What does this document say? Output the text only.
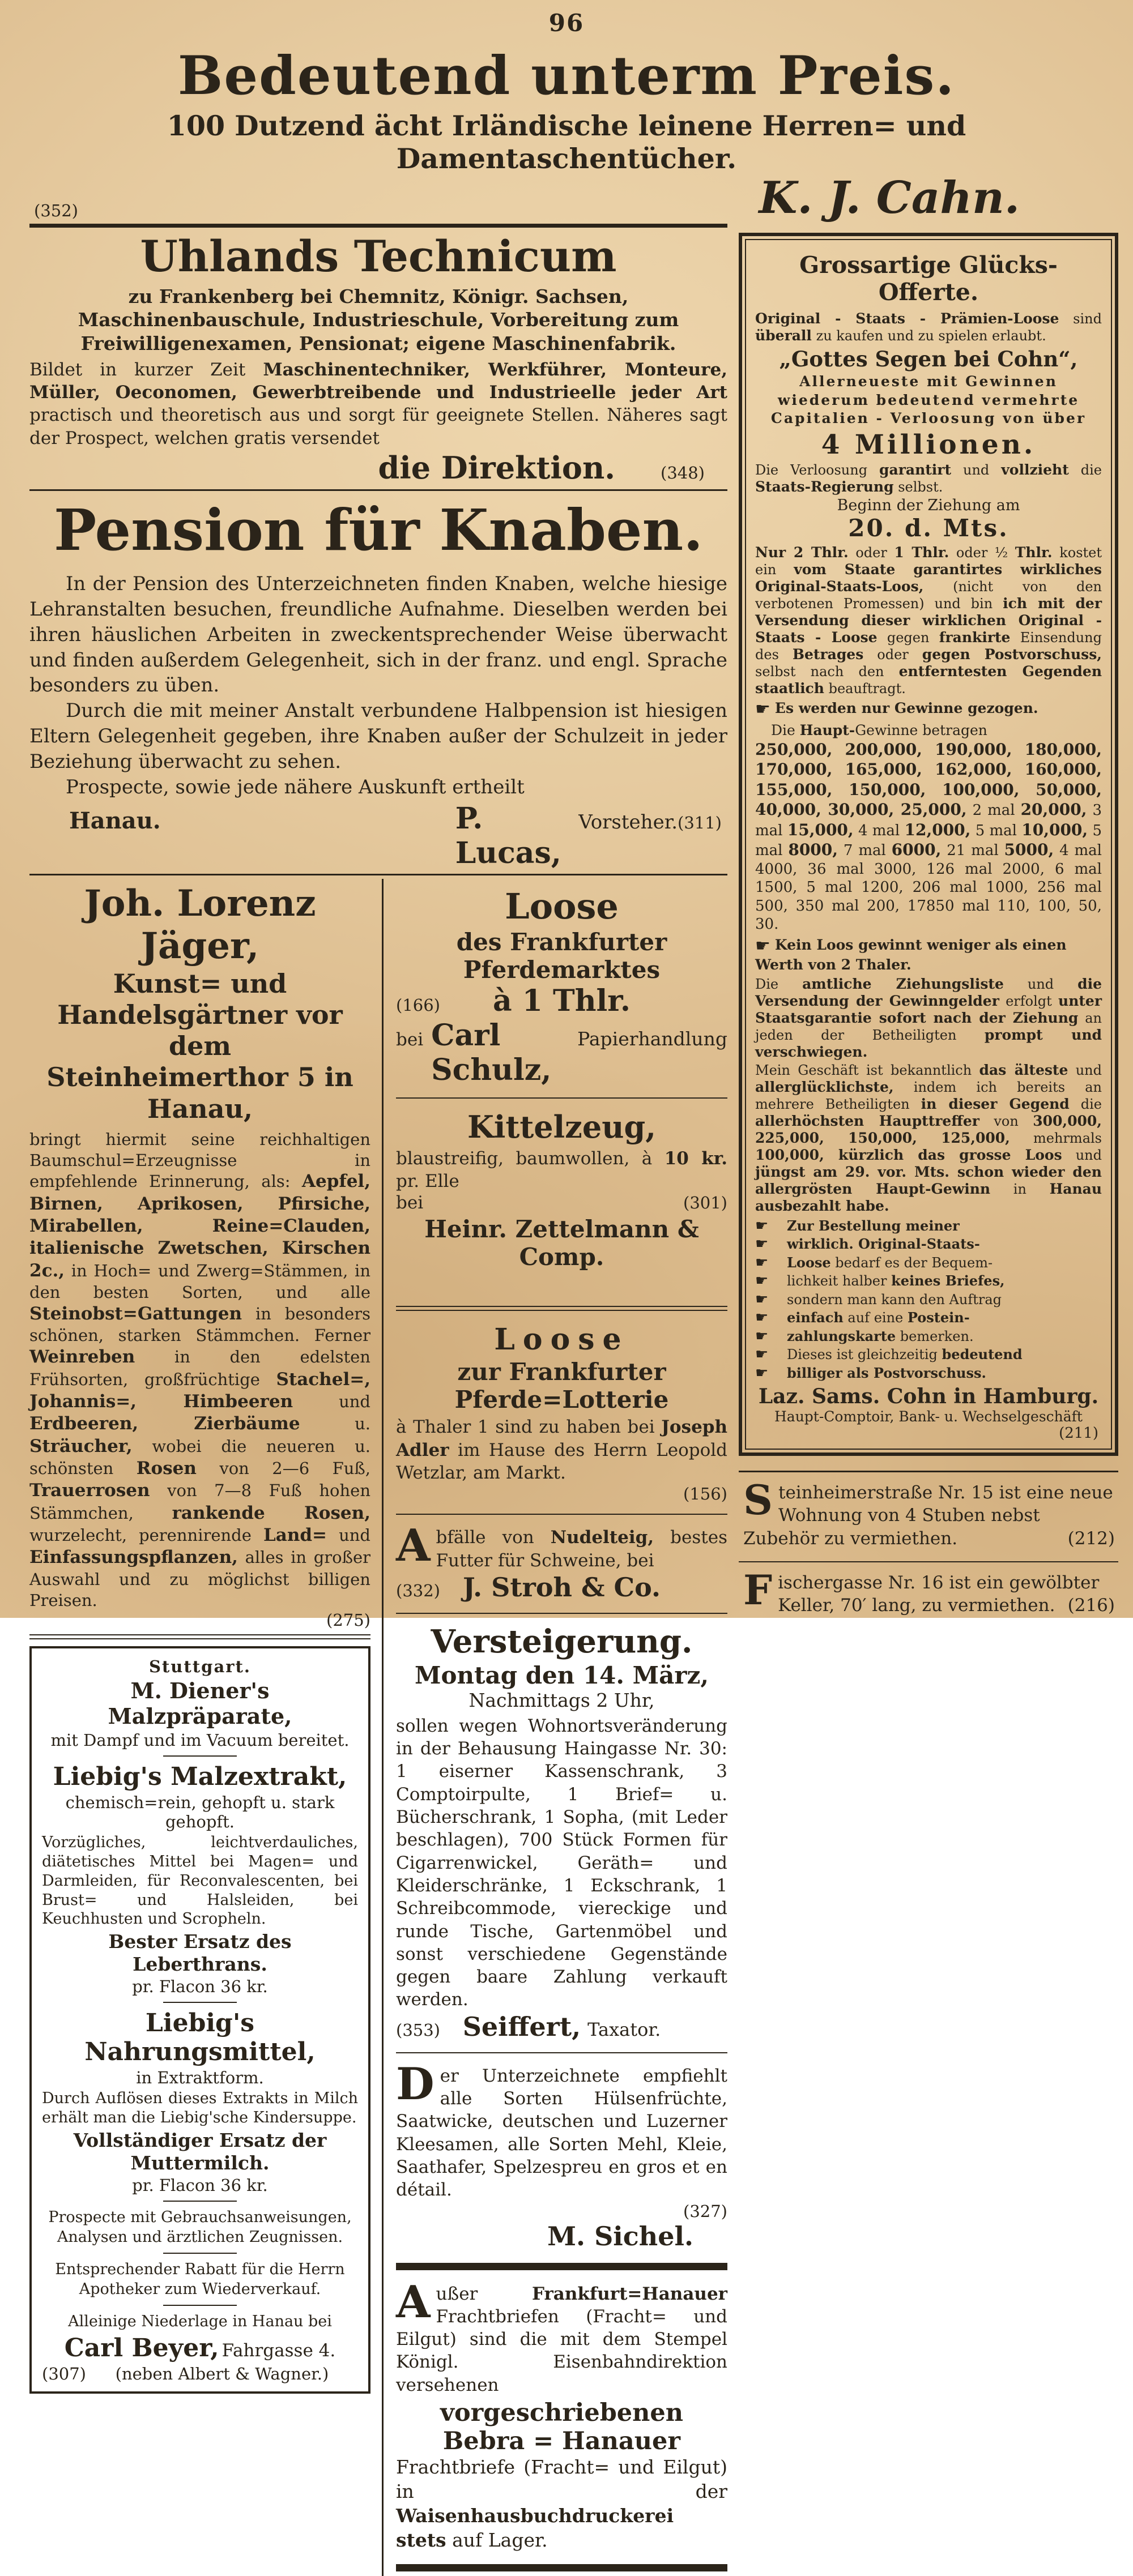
96
Bedeutend unterm Preis.
100 Dutzend ächt Irländische leinene Herren= und Damentaschentücher.
(352)	K. J. Cahn.
Uhlands Technicum

zu Frankenberg bei Chemnitz, Königr. Sachsen, Maschinenbauschule, Industrieschule, Vorbereitung zum Freiwilligenexamen, Pensionat; eigene Maschinenfabrik.

Bildet in kurzer Zeit Maschinentechniker, Werkführer, Monteure, Müller, Oeconomen, Gewerbtreibende und Industrieelle jeder Art practisch und theoretisch aus und sorgt für geeignete Stellen. Näheres sagt der Prospect, welchen gratis versendet

die Direktion.	(348)
Pension für Knaben.

In der Pension des Unterzeichneten finden Knaben, welche hiesige Lehranstalten besuchen, freundliche Aufnahme. Dieselben werden bei ihren häuslichen Arbeiten in zweckentsprechender Weise überwacht und finden außerdem Gelegenheit, sich in der franz. und engl. Sprache besonders zu üben.

Durch die mit meiner Anstalt verbundene Halbpension ist hiesigen Eltern Gelegenheit gegeben, ihre Knaben außer der Schulzeit in jeder Beziehung überwacht zu sehen.

Prospecte, sowie jede nähere Auskunft ertheilt

Hanau.	P. Lucas,
Vorsteher. (311)
Joh. Lorenz Jäger,

Kunst= und Handelsgärtner vor dem

Steinheimerthor 5 in Hanau,

bringt hiermit seine reichhaltigen Baumschul=Erzeugnisse in empfehlende Erinnerung, als: Aepfel, Birnen, Aprikosen, Pfirsiche, Mirabellen, Reine=Clauden, italienische Zwetschen, Kirschen 2c., in Hoch= und Zwerg=Stämmen, in den besten Sorten, und alle Steinobst=Gattungen in besonders schönen, starken Stämmchen. Ferner Weinreben in den edelsten Frühsorten, großfrüchtige Stachel=, Johannis=, Himbeeren und Erdbeeren, Zierbäume u. Sträucher, wobei die neueren u. schönsten Rosen von 2—6 Fuß, Trauerrosen von 7—8 Fuß hohen Stämmchen, rankende Rosen, wurzelecht, perennirende Land= und Einfassungspflanzen, alles in großer Auswahl und zu möglichst billigen Preisen.

(275)

Stuttgart.

M. Diener's Malzpräparate,

mit Dampf und im Vacuum bereitet.

Liebig's Malzextrakt,

chemisch=rein, gehopft u. stark gehopft.

Vorzügliches, leichtverdauliches, diätetisches Mittel bei Magen= und Darmleiden, für Reconvalescenten, bei Brust= und Halsleiden, bei Keuchhusten und Scropheln.

Bester Ersatz des Leberthrans.

pr. Flacon 36 kr.

Liebig's Nahrungsmittel,

in Extraktform.

Durch Auflösen dieses Extrakts in Milch erhält man die Liebig'sche Kindersuppe.

Vollständiger Ersatz der Muttermilch.

pr. Flacon 36 kr.

Prospecte mit Gebrauchsanweisungen, Analysen und ärztlichen Zeugnissen.

Entsprechender Rabatt für die Herrn Apotheker zum Wiederverkauf.

Alleinige Niederlage in Hanau bei

Carl Beyer, Fahrgasse 4.

(307)	(neben Albert & Wagner.)
Loose

des Frankfurter Pferdemarktes

(166)	à 1 Thlr.
bei Carl Schulz,
Papierhandlung
Kittelzeug,

blaustreifig, baumwollen, à 10 kr. pr. Elle

bei	(301)

Heinr. Zettelmann & Comp.

Loose

zur Frankfurter Pferde=Lotterie

à Thaler 1 sind zu haben bei Joseph Adler im Hause des Herrn Leopold Wetzlar, am Markt.

(156)

Abfälle von Nudelteig, bestes Futter für Schweine, bei

(332) J. Stroh & Co.
Versteigerung.

Montag den 14. März,

Nachmittags 2 Uhr,

sollen wegen Wohnortsveränderung in der Behausung Haingasse Nr. 30: 1 eiserner Kassenschrank, 3 Comptoirpulte, 1 Brief= u. Bücherschrank, 1 Sopha, (mit Leder beschlagen), 700 Stück Formen für Cigarrenwickel, Geräth= und Kleiderschränke, 1 Eckschrank, 1 Schreibcommode, viereckige und runde Tische, Gartenmöbel und sonst verschiedene Gegenstände gegen baare Zahlung verkauft werden.

(353) Seiffert, Taxator.

Der Unterzeichnete empfiehlt alle Sorten Hülsenfrüchte, Saatwicke, deutschen und Luzerner Kleesamen, alle Sorten Mehl, Kleie, Saathafer, Spelzespreu en gros et en détail.

(327)
M. Sichel.

Außer Frankfurt=Hanauer Frachtbriefen (Fracht= und Eilgut) sind die mit dem Stempel Königl. Eisenbahndirektion versehenen

vorgeschriebenen Bebra = Hanauer

Frachtbriefe (Fracht= und Eilgut) in der Waisenhausbuchdruckerei stets auf Lager.

Grossartige Glücks-Offerte.

Original - Staats - Prämien-Loose sind überall zu kaufen und zu spielen erlaubt.

„Gottes Segen bei Cohn“,

Allerneueste mit Gewinnen wiederum bedeutend vermehrte Capitalien - Verloosung von über

4 Millionen.

Die Verloosung garantirt und vollzieht die Staats-Regierung selbst.

Beginn der Ziehung am

20. d. Mts.

Nur 2 Thlr. oder 1 Thlr. oder ½ Thlr. kostet ein vom Staate garantirtes wirkliches Original-Staats-Loos, (nicht von den verbotenen Promessen) und bin ich mit der Versendung dieser wirklichen Original - Staats - Loose gegen frankirte Einsendung des Betrages oder gegen Postvorschuss, selbst nach den entferntesten Gegenden staatlich beauftragt.

☛ Es werden nur Gewinne gezogen.

Die Haupt-Gewinne betragen

250,000, 200,000, 190,000, 180,000, 170,000, 165,000, 162,000, 160,000, 155,000, 150,000, 100,000, 50,000, 40,000, 30,000, 25,000, 2 mal 20,000, 3 mal 15,000, 4 mal 12,000, 5 mal 10,000, 5 mal 8000, 7 mal 6000, 21 mal 5000, 4 mal 4000, 36 mal 3000, 126 mal 2000, 6 mal 1500, 5 mal 1200, 206 mal 1000, 256 mal 500, 350 mal 200, 17850 mal 110, 100, 50, 30.

☛ Kein Loos gewinnt weniger als einen Werth von 2 Thaler.

Die amtliche Ziehungsliste und die Versendung der Gewinngelder erfolgt unter Staatsgarantie sofort nach der Ziehung an jeden der Betheiligten prompt und verschwiegen.

Mein Geschäft ist bekanntlich das älteste und allerglücklichste, indem ich bereits an mehrere Betheiligten in dieser Gegend die allerhöchsten Haupttreffer von 300,000, 225,000, 150,000, 125,000, mehrmals 100,000, kürzlich das grosse Loos und jüngst am 29. vor. Mts. schon wieder den allergrösten Haupt-Gewinn in Hanau ausbezahlt habe.

☛	Zur Bestellung meiner
☛	wirklich. Original-Staats-
☛	Loose bedarf es der Bequem-
☛	lichkeit halber keines Briefes,
☛	sondern man kann den Auftrag
☛	einfach auf eine Postein-
☛	zahlungskarte bemerken.
☛	Dieses ist gleichzeitig bedeutend
☛	billiger als Postvorschuss.

Laz. Sams. Cohn in Hamburg.

Haupt-Comptoir, Bank- u. Wechselgeschäft

(211)

Steinheimerstraße Nr. 15 ist eine neue Wohnung von 4 Stuben nebst Zubehör zu vermiethen.	(212)
Fischergasse Nr. 16 ist ein gewölbter Keller, 70′ lang, zu vermiethen. (216)
